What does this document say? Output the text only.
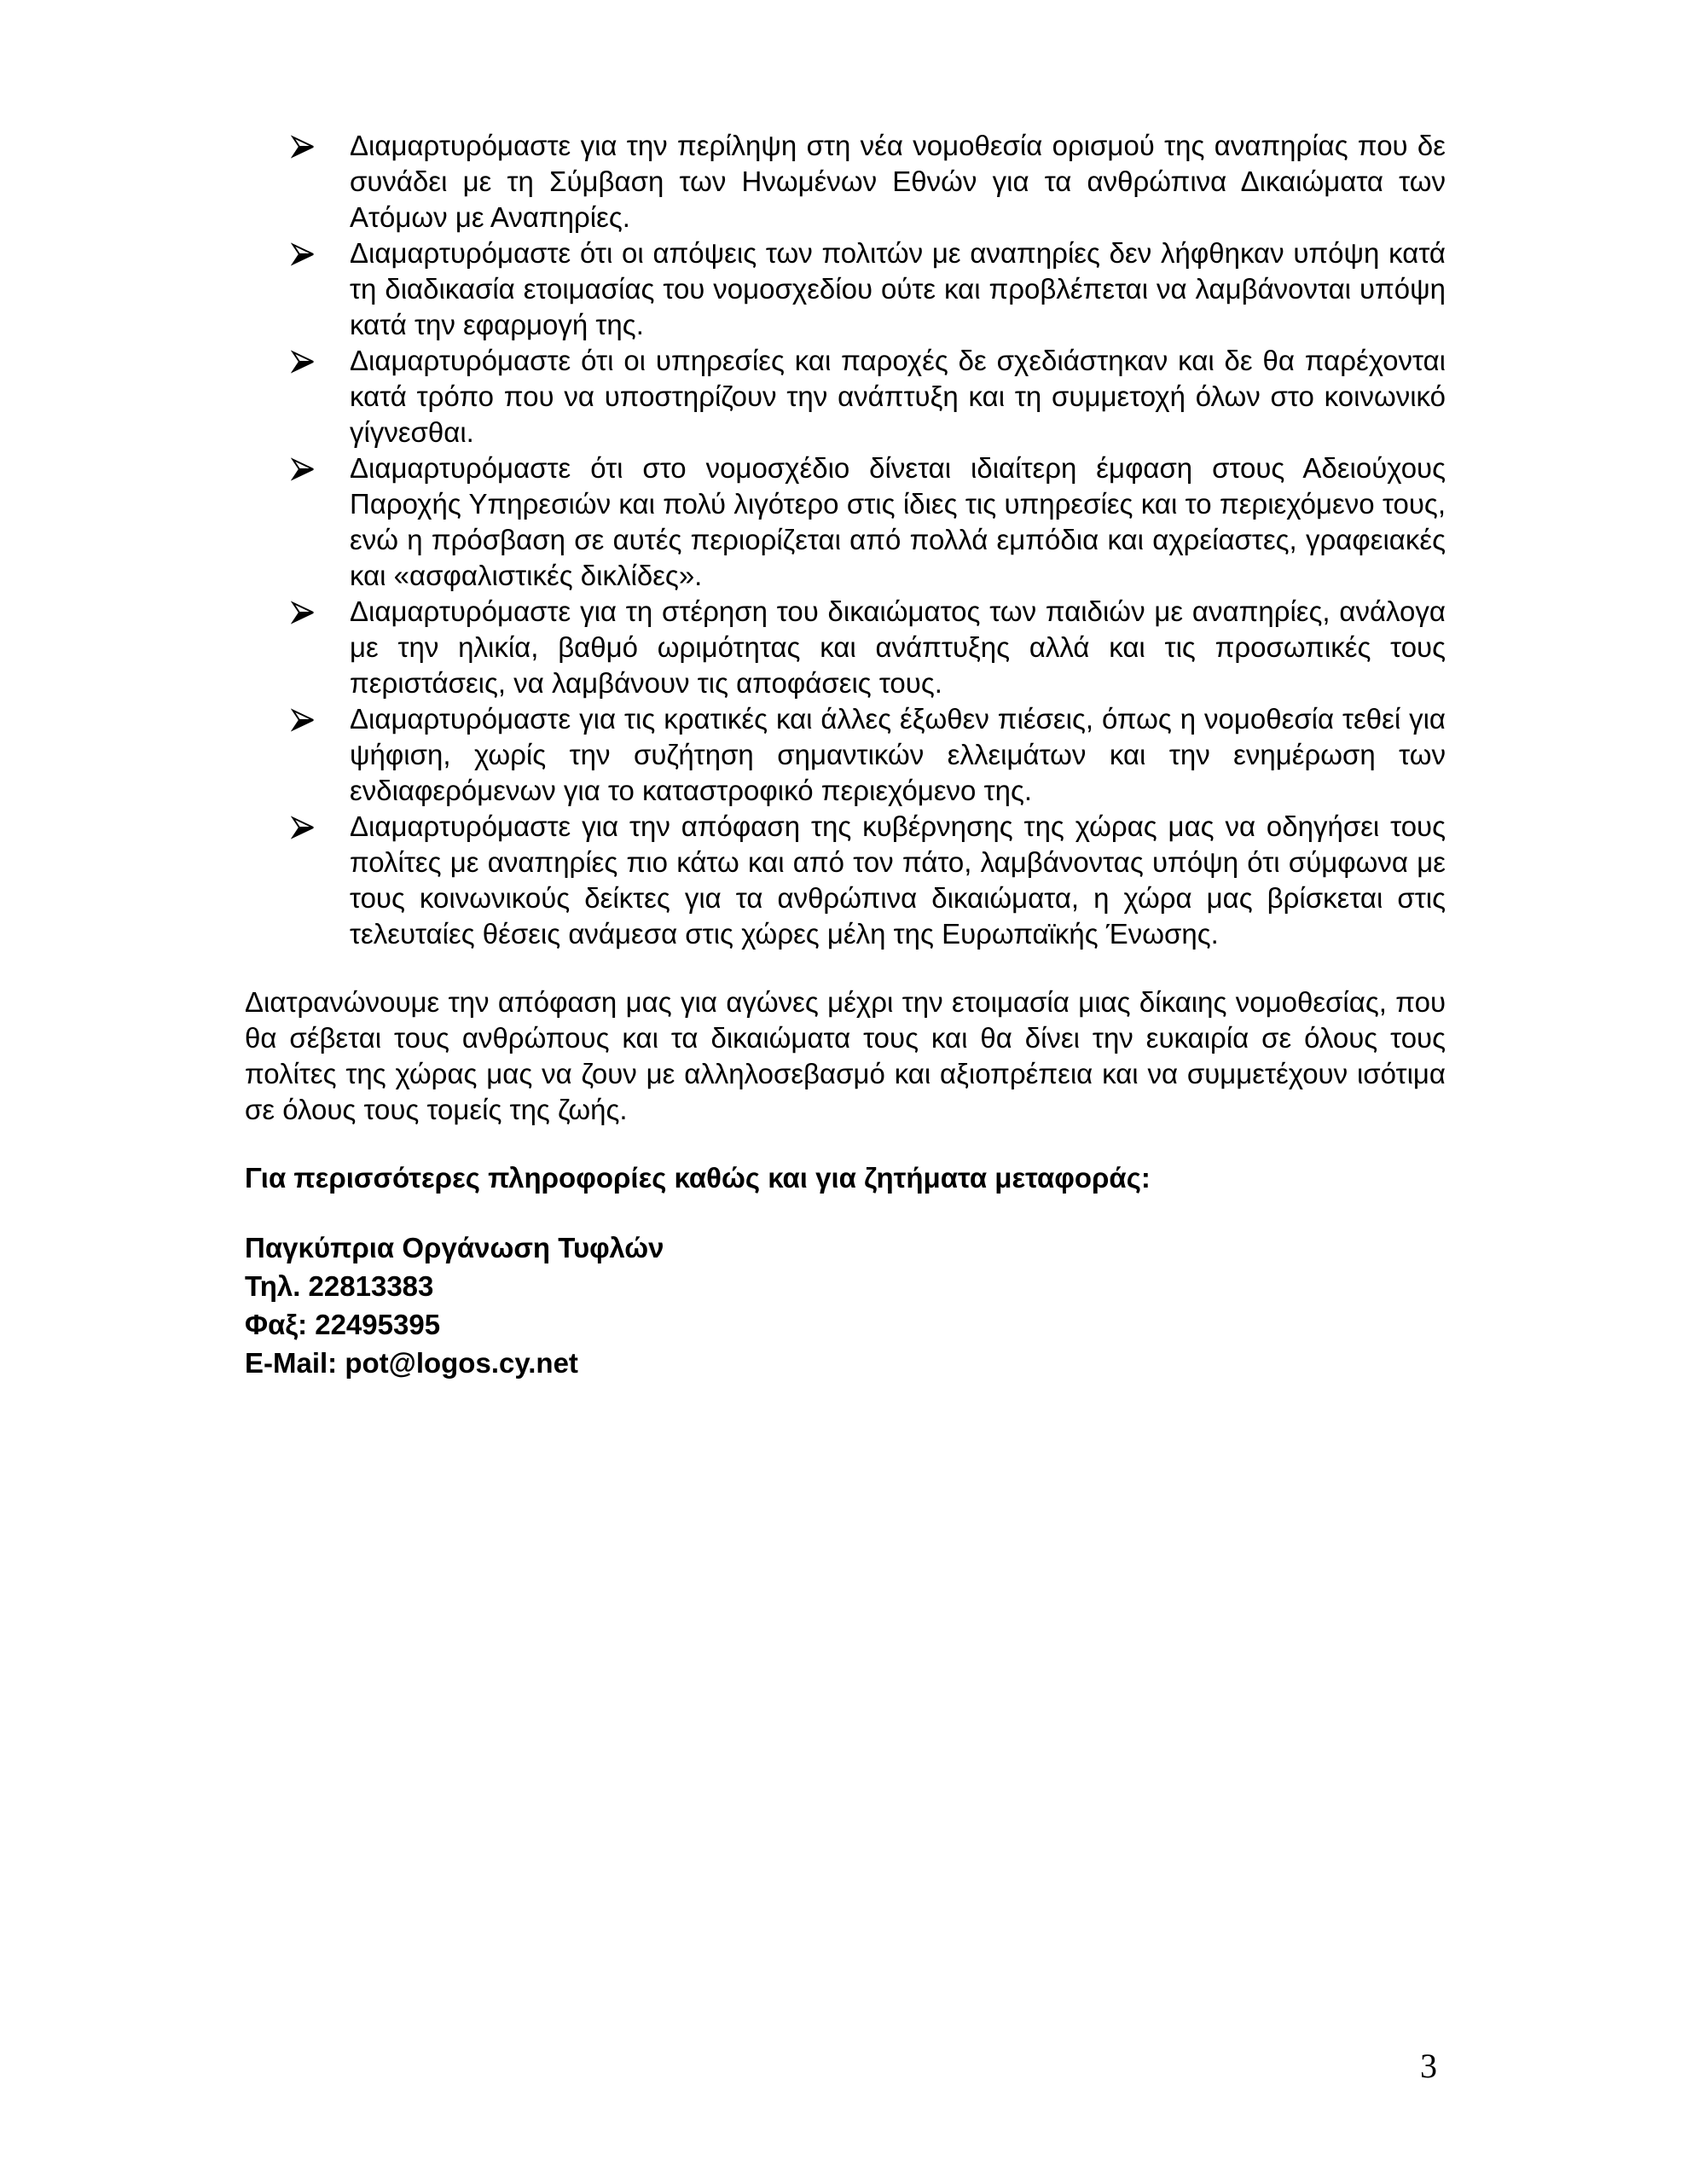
Διαμαρτυρόμαστε για την περίληψη στη νέα νομοθεσία ορισμού της αναπηρίας που δε συνάδει με τη Σύμβαση των Ηνωμένων Εθνών για τα ανθρώπινα Δικαιώματα των Ατόμων με Αναπηρίες.
Διαμαρτυρόμαστε ότι οι απόψεις των πολιτών με αναπηρίες δεν λήφθηκαν υπόψη κατά τη διαδικασία ετοιμασίας του νομοσχεδίου ούτε και προβλέπεται να λαμβάνονται υπόψη κατά την εφαρμογή της.
Διαμαρτυρόμαστε ότι οι υπηρεσίες και παροχές δε σχεδιάστηκαν και δε θα παρέχονται κατά τρόπο που να υποστηρίζουν την ανάπτυξη και τη συμμετοχή όλων στο κοινωνικό γίγνεσθαι.
Διαμαρτυρόμαστε ότι στο νομοσχέδιο δίνεται ιδιαίτερη έμφαση στους Αδειούχους Παροχής Υπηρεσιών και πολύ λιγότερο στις ίδιες τις υπηρεσίες και το περιεχόμενο τους, ενώ η πρόσβαση σε αυτές περιορίζεται από πολλά εμπόδια και αχρείαστες, γραφειακές και «ασφαλιστικές δικλίδες».
Διαμαρτυρόμαστε για τη στέρηση του δικαιώματος των παιδιών με αναπηρίες, ανάλογα με την ηλικία, βαθμό ωριμότητας και ανάπτυξης αλλά και τις προσωπικές τους περιστάσεις, να λαμβάνουν τις αποφάσεις τους.
Διαμαρτυρόμαστε για τις κρατικές και άλλες έξωθεν πιέσεις, όπως η νομοθεσία τεθεί για ψήφιση, χωρίς την συζήτηση σημαντικών ελλειμάτων και την ενημέρωση των ενδιαφερόμενων για το καταστροφικό περιεχόμενο της.
Διαμαρτυρόμαστε για την απόφαση της κυβέρνησης της χώρας μας να οδηγήσει τους πολίτες με αναπηρίες πιο κάτω και από τον πάτο, λαμβάνοντας υπόψη ότι σύμφωνα με τους κοινωνικούς δείκτες για τα ανθρώπινα δικαιώματα, η χώρα μας βρίσκεται στις τελευταίες θέσεις ανάμεσα στις χώρες μέλη της Ευρωπαϊκής Ένωσης.

Διατρανώνουμε την απόφαση μας για αγώνες μέχρι την ετοιμασία μιας δίκαιης νομοθεσίας, που θα σέβεται τους ανθρώπους και τα δικαιώματα τους και θα δίνει την ευκαιρία σε όλους τους πολίτες της χώρας μας να ζουν με αλληλοσεβασμό και αξιοπρέπεια και να συμμετέχουν ισότιμα σε όλους τους τομείς της ζωής.

Για περισσότερες πληροφορίες καθώς και για ζητήματα μεταφοράς:

Παγκύπρια Οργάνωση Τυφλών
Τηλ. 22813383
Φαξ: 22495395
E-Mail: pot@logos.cy.net
3
